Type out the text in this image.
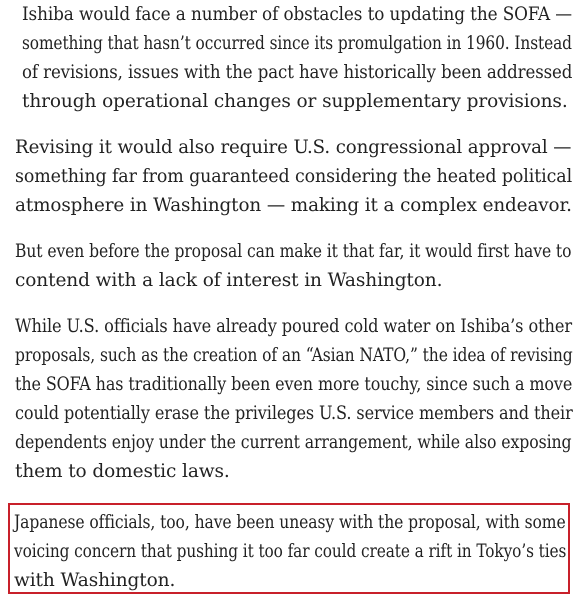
Ishiba would face a number of obstacles to updating the SOFA —
something that hasn’t occurred since its promulgation in 1960. Instead
of revisions, issues with the pact have historically been addressed
through operational changes or supplementary provisions.

Revising it would also require U.S. congressional approval —
something far from guaranteed considering the heated political
atmosphere in Washington — making it a complex endeavor.

But even before the proposal can make it that far, it would first have to
contend with a lack of interest in Washington.

While U.S. officials have already poured cold water on Ishiba’s other
proposals, such as the creation of an “Asian NATO,” the idea of revising
the SOFA has traditionally been even more touchy, since such a move
could potentially erase the privileges U.S. service members and their
dependents enjoy under the current arrangement, while also exposing
them to domestic laws.

Japanese officials, too, have been uneasy with the proposal, with some
voicing concern that pushing it too far could create a rift in Tokyo’s ties
with Washington.
